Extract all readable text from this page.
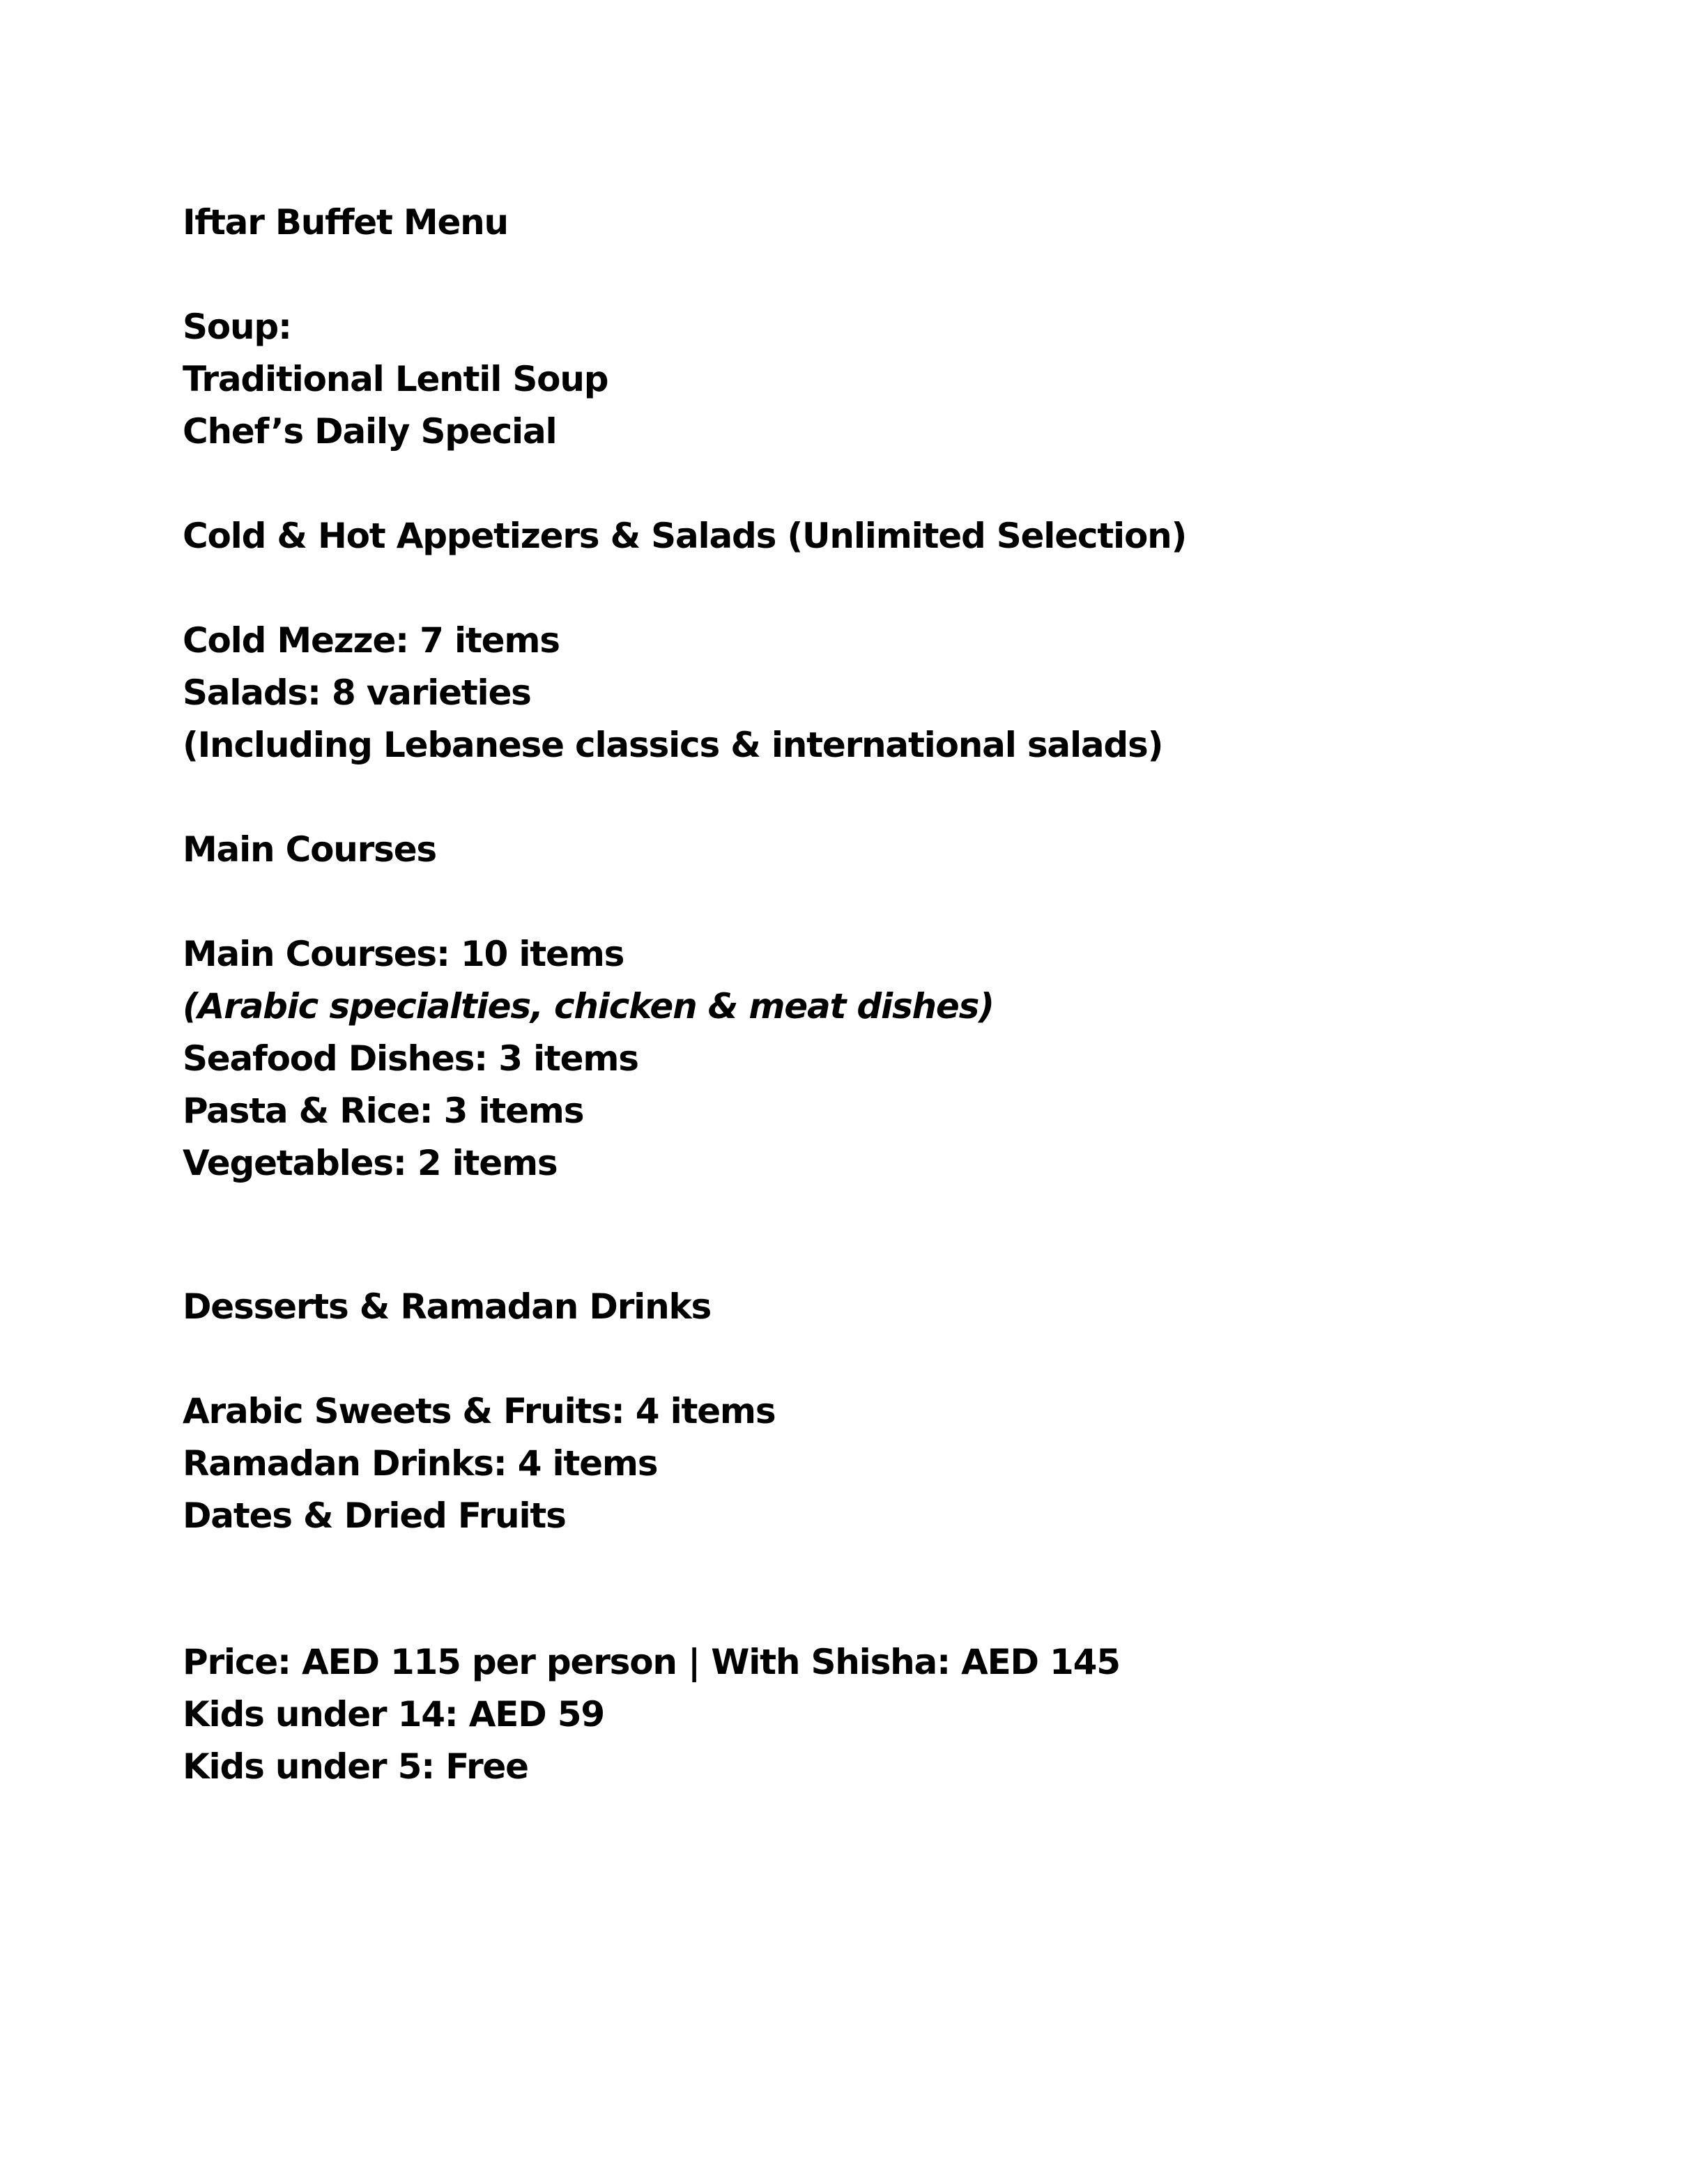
Iftar Buffet Menu
Soup:
Traditional Lentil Soup
Chef’s Daily Special
Cold & Hot Appetizers & Salads (Unlimited Selection)
Cold Mezze: 7 items
Salads: 8 varieties
(Including Lebanese classics & international salads)
Main Courses
Main Courses: 10 items
(Arabic specialties, chicken & meat dishes)
Seafood Dishes: 3 items
Pasta & Rice: 3 items
Vegetables: 2 items
Desserts & Ramadan Drinks
Arabic Sweets & Fruits: 4 items
Ramadan Drinks: 4 items
Dates & Dried Fruits
Price: AED 115 per person | With Shisha: AED 145
Kids under 14: AED 59
Kids under 5: Free
